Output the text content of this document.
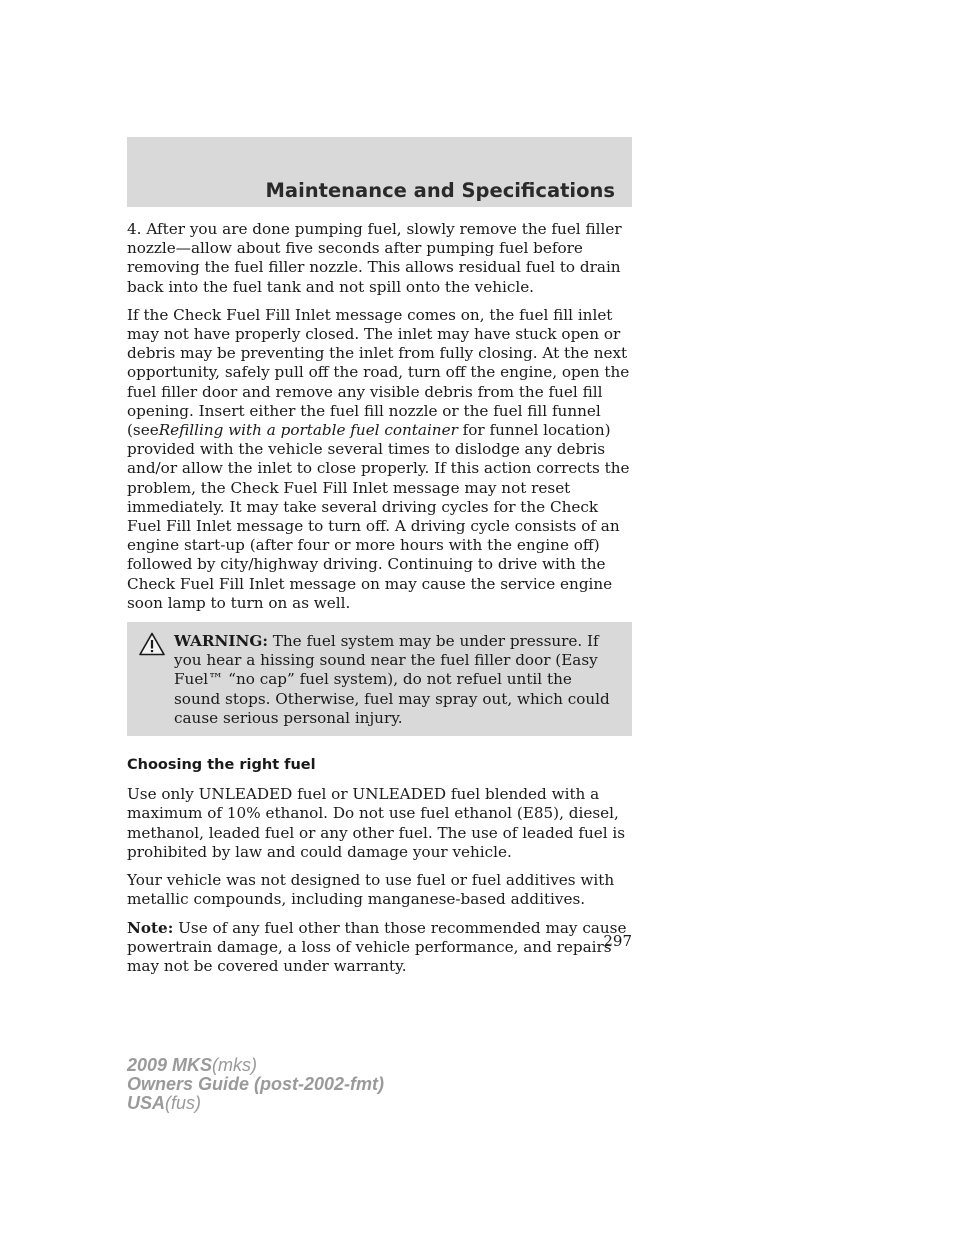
Maintenance and Specifications

4. After you are done pumping fuel, slowly remove the fuel filler nozzle—allow about five seconds after pumping fuel before removing the fuel filler nozzle. This allows residual fuel to drain back into the fuel tank and not spill onto the vehicle.

If the Check Fuel Fill Inlet message comes on, the fuel fill inlet may not have properly closed. The inlet may have stuck open or debris may be preventing the inlet from fully closing. At the next opportunity, safely pull off the road, turn off the engine, open the fuel filler door and remove any visible debris from the fuel fill opening. Insert either the fuel fill nozzle or the fuel fill funnel (seeRefilling with a portable fuel container for funnel location) provided with the vehicle several times to dislodge any debris and/or allow the inlet to close properly. If this action corrects the problem, the Check Fuel Fill Inlet message may not reset immediately. It may take several driving cycles for the Check Fuel Fill Inlet message to turn off. A driving cycle consists of an engine start-up (after four or more hours with the engine off) followed by city/highway driving. Continuing to drive with the Check Fuel Fill Inlet message on may cause the service engine soon lamp to turn on as well.

WARNING: The fuel system may be under pressure. If you hear a hissing sound near the fuel filler door (Easy Fuel™ “no cap” fuel system), do not refuel until the sound stops. Otherwise, fuel may spray out, which could cause serious personal injury.
Choosing the right fuel

Use only UNLEADED fuel or UNLEADED fuel blended with a maximum of 10% ethanol. Do not use fuel ethanol (E85), diesel, methanol, leaded fuel or any other fuel. The use of leaded fuel is prohibited by law and could damage your vehicle.

Your vehicle was not designed to use fuel or fuel additives with metallic compounds, including manganese-based additives.

Note: Use of any fuel other than those recommended may cause powertrain damage, a loss of vehicle performance, and repairs may not be covered under warranty.

297
2009 MKS(mks)
Owners Guide (post-2002-fmt)
USA(fus)
